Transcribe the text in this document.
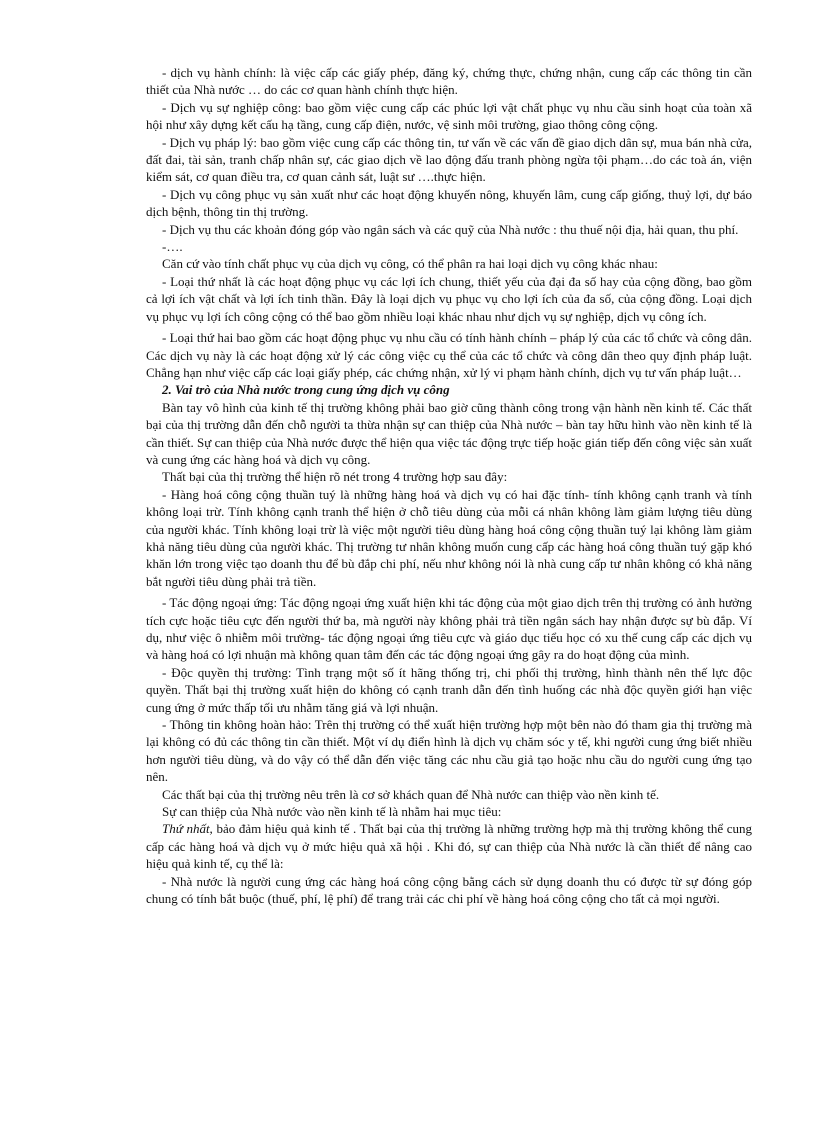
- dịch vụ hành chính: là việc cấp các giấy phép, đăng ký, chứng thực, chứng nhận, cung cấp các thông tin cần thiết của Nhà nước … do các cơ quan hành chính thực hiện.

- Dịch vụ sự nghiệp công: bao gồm việc cung cấp các phúc lợi vật chất phục vụ nhu cầu sinh hoạt của toàn xã hội như xây dựng kết cấu hạ tầng, cung cấp điện, nước, vệ sinh môi trường, giao thông công cộng.

- Dịch vụ pháp lý: bao gồm việc cung cấp các thông tin, tư vấn về các vấn đề giao dịch dân sự, mua bán nhà cửa, đất đai, tài sản, tranh chấp nhân sự, các giao dịch về lao động đấu tranh phòng ngừa tội phạm…do các toà án, viện kiểm sát, cơ quan điều tra, cơ quan cảnh sát, luật sư ….thực hiện.

- Dịch vụ công phục vụ sản xuất như các hoạt động khuyến nông, khuyến lâm, cung cấp giống, thuỷ lợi, dự báo dịch bệnh, thông tin thị trường.

- Dịch vụ thu các khoản đóng góp vào ngân sách và các quỹ của Nhà nước : thu thuế nội địa, hải quan, thu phí.

-….

Căn cứ vào tính chất phục vụ của dịch vụ công, có thể phân ra hai loại dịch vụ công khác nhau:

- Loại thứ nhất là các hoạt động phục vụ các lợi ích chung, thiết yếu của đại đa số hay của cộng đồng, bao gồm cả lợi ích vật chất và lợi ích tinh thần. Đây là loại dịch vụ phục vụ cho lợi ích của đa số, của cộng đồng. Loại dịch vụ phục vụ lợi ích công cộng có thể bao gồm nhiều loại khác nhau như dịch vụ sự nghiệp, dịch vụ công ích.

- Loại thứ hai bao gồm các hoạt động phục vụ nhu cầu có tính hành chính – pháp lý của các tổ chức và công dân. Các dịch vụ này là các hoạt động xử lý các công việc cụ thể của các tổ chức và công dân theo quy định pháp luật. Chẳng hạn như việc cấp các loại giấy phép, các chứng nhận, xử lý vi phạm hành chính, dịch vụ tư vấn pháp luật…

2. Vai trò của Nhà nước trong cung ứng dịch vụ công

Bàn tay vô hình của kinh tế thị trường không phải bao giờ cũng thành công trong vận hành nền kinh tế. Các thất bại của thị trường dẫn đến chỗ người ta thừa nhận sự can thiệp của Nhà nước – bàn tay hữu hình vào nền kinh tế là cần thiết. Sự can thiệp của Nhà nước được thể hiện qua việc tác động trực tiếp hoặc gián tiếp đến công việc sản xuất và cung ứng các hàng hoá và dịch vụ công.

Thất bại của thị trường thể hiện rõ nét trong 4 trường hợp sau đây:

- Hàng hoá công cộng thuần tuý là những hàng hoá và dịch vụ có hai đặc tính- tính không cạnh tranh và tính không loại trừ. Tính không cạnh tranh thể hiện ở chỗ tiêu dùng của mỗi cá nhân không làm giảm lượng tiêu dùng của người khác. Tính không loại trừ là việc một người tiêu dùng hàng hoá công cộng thuần tuý lại không làm giảm khả năng tiêu dùng của người khác. Thị trường tư nhân không muốn cung cấp các hàng hoá công thuần tuý gặp khó khăn lớn trong việc tạo doanh thu để bù đắp chi phí, nếu như không nói là nhà cung cấp tư nhân không có khả năng bắt người tiêu dùng phải trả tiền.

- Tác động ngoại ứng: Tác động ngoại ứng xuất hiện khi tác động của một giao dịch trên thị trường có ảnh hưởng tích cực hoặc tiêu cực đến người thứ ba, mà người này không phải trả tiền ngân sách hay nhận được sự bù đắp. Ví dụ, như việc ô nhiễm môi trường- tác động ngoại ứng tiêu cực và giáo dục tiểu học có xu thế cung cấp các dịch vụ và hàng hoá có lợi nhuận mà không quan tâm đến các tác động ngoại ứng gây ra do hoạt động của mình.

- Độc quyền thị trường: Tình trạng một số ít hãng thống trị, chi phối thị trường, hình thành nên thế lực độc quyền. Thất bại thị trường xuất hiện do không có cạnh tranh dẫn đến tình huống các nhà độc quyền giới hạn việc cung ứng ở mức thấp tối ưu nhằm tăng giá và lợi nhuận.

- Thông tin không hoàn hảo: Trên thị trường có thể xuất hiện trường hợp một bên nào đó tham gia thị trường mà lại không có đủ các thông tin cần thiết. Một ví dụ điển hình là dịch vụ chăm sóc y tế, khi người cung ứng biết nhiều hơn người tiêu dùng, và do vậy có thể dẫn đến việc tăng các nhu cầu giả tạo hoặc nhu cầu do người cung ứng tạo nên.

Các thất bại của thị trường nêu trên là cơ sở khách quan để Nhà nước can thiệp vào nền kinh tế.

Sự can thiệp của Nhà nước vào nền kinh tế là nhằm hai mục tiêu:

Thứ nhất, bảo đảm hiệu quả kinh tế . Thất bại của thị trường là những trường hợp mà thị trường không thể cung cấp các hàng hoá và dịch vụ ở mức hiệu quả xã hội . Khi đó, sự can thiệp của Nhà nước là cần thiết để nâng cao hiệu quả kinh tế, cụ thể là:

- Nhà nước là người cung ứng các hàng hoá công cộng bằng cách sử dụng doanh thu có được từ sự đóng góp chung có tính bắt buộc (thuế, phí, lệ phí) để trang trải các chi phí về hàng hoá công cộng cho tất cả mọi người.
